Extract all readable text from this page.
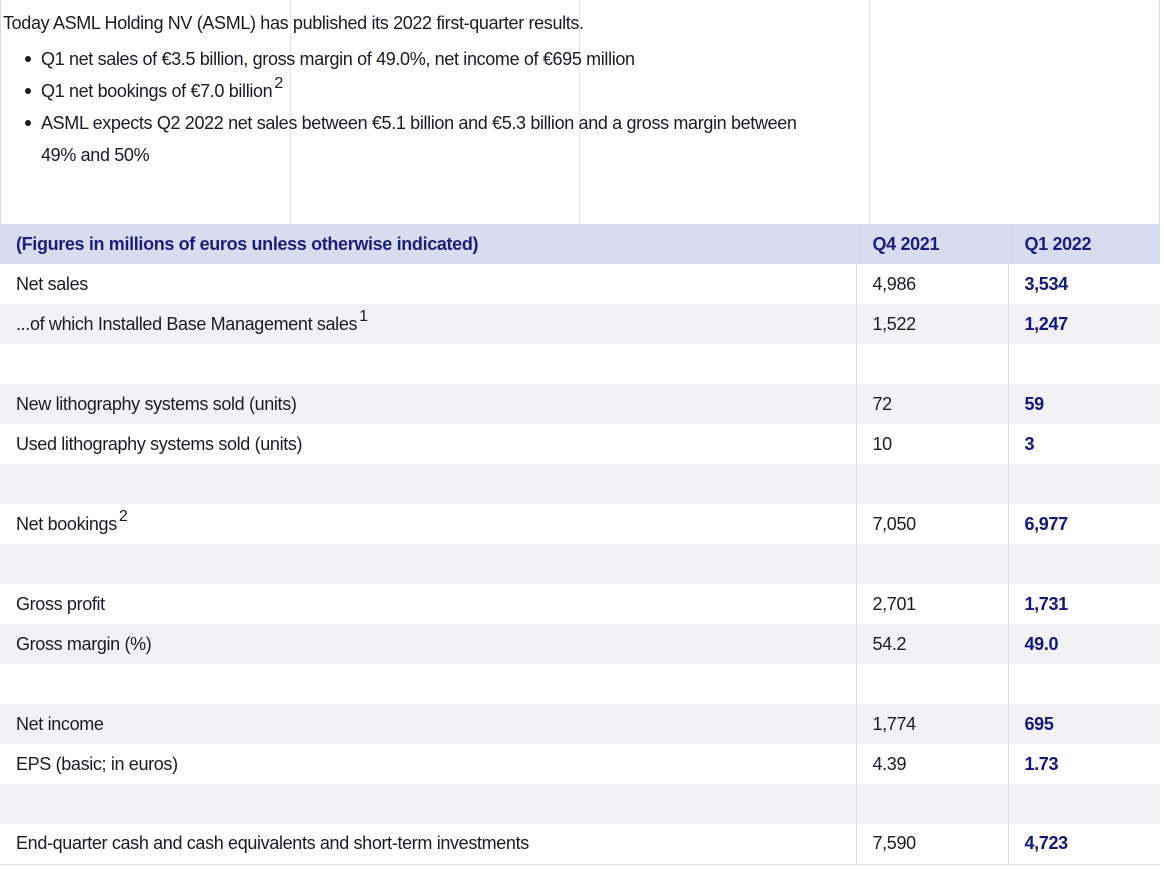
Today ASML Holding NV (ASML) has published its 2022 first-quarter results.

Q1 net sales of €3.5 billion, gross margin of 49.0%, net income of €695 million
Q1 net bookings of €7.0 billion $^2$
ASML expects Q2 2022 net sales between €5.1 billion and €5.3 billion and a gross margin between 49% and 50%
(Figures in millions of euros unless otherwise indicated)	Q4 2021	Q1 2022
Net sales	4,986	3,534
...of which Installed Base Management sales $^1$	1,522	1,247

New lithography systems sold (units)	72	59
Used lithography systems sold (units)	10	3

Net bookings $^2$	7,050	6,977

Gross profit	2,701	1,731
Gross margin (%)	54.2	49.0

Net income	1,774	695
EPS (basic; in euros)	4.39	1.73

End-quarter cash and cash equivalents and short-term investments	7,590	4,723
